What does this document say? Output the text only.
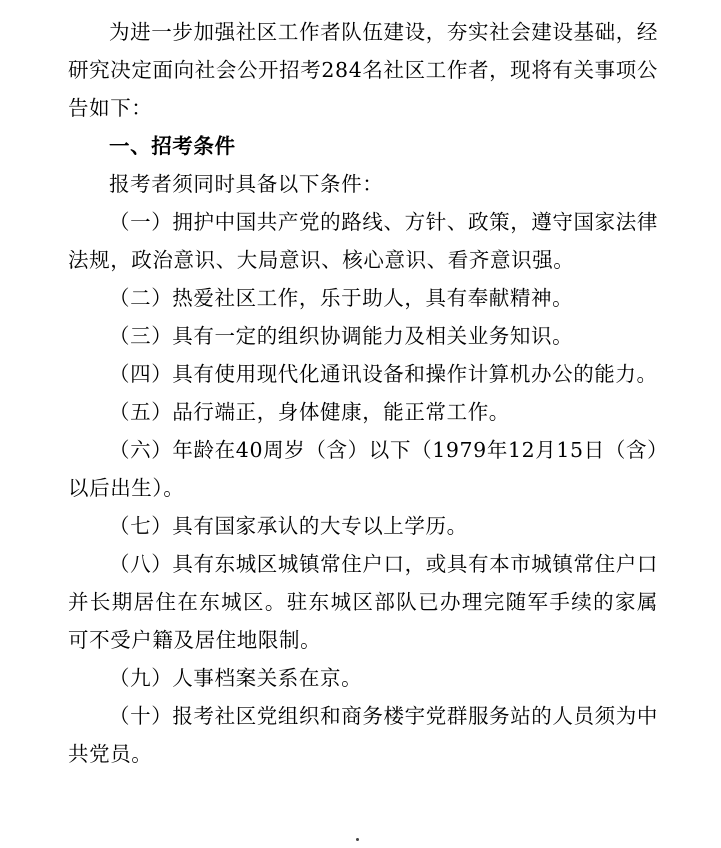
为进一步加强社区工作者队伍建设，夯实社会建设基础，经研究决定面向社会公开招考284名社区工作者，现将有关事项公告如下：

一、招考条件

报考者须同时具备以下条件：

（一）拥护中国共产党的路线、方针、政策，遵守国家法律法规，政治意识、大局意识、核心意识、看齐意识强。

（二）热爱社区工作，乐于助人，具有奉献精神。

（三）具有一定的组织协调能力及相关业务知识。

（四）具有使用现代化通讯设备和操作计算机办公的能力。

（五）品行端正，身体健康，能正常工作。

（六）年龄在40周岁（含）以下（1979年12月15日（含）以后出生）。

（七）具有国家承认的大专以上学历。

（八）具有东城区城镇常住户口，或具有本市城镇常住户口并长期居住在东城区。驻东城区部队已办理完随军手续的家属可不受户籍及居住地限制。

（九）人事档案关系在京。

（十）报考社区党组织和商务楼宇党群服务站的人员须为中共党员。
